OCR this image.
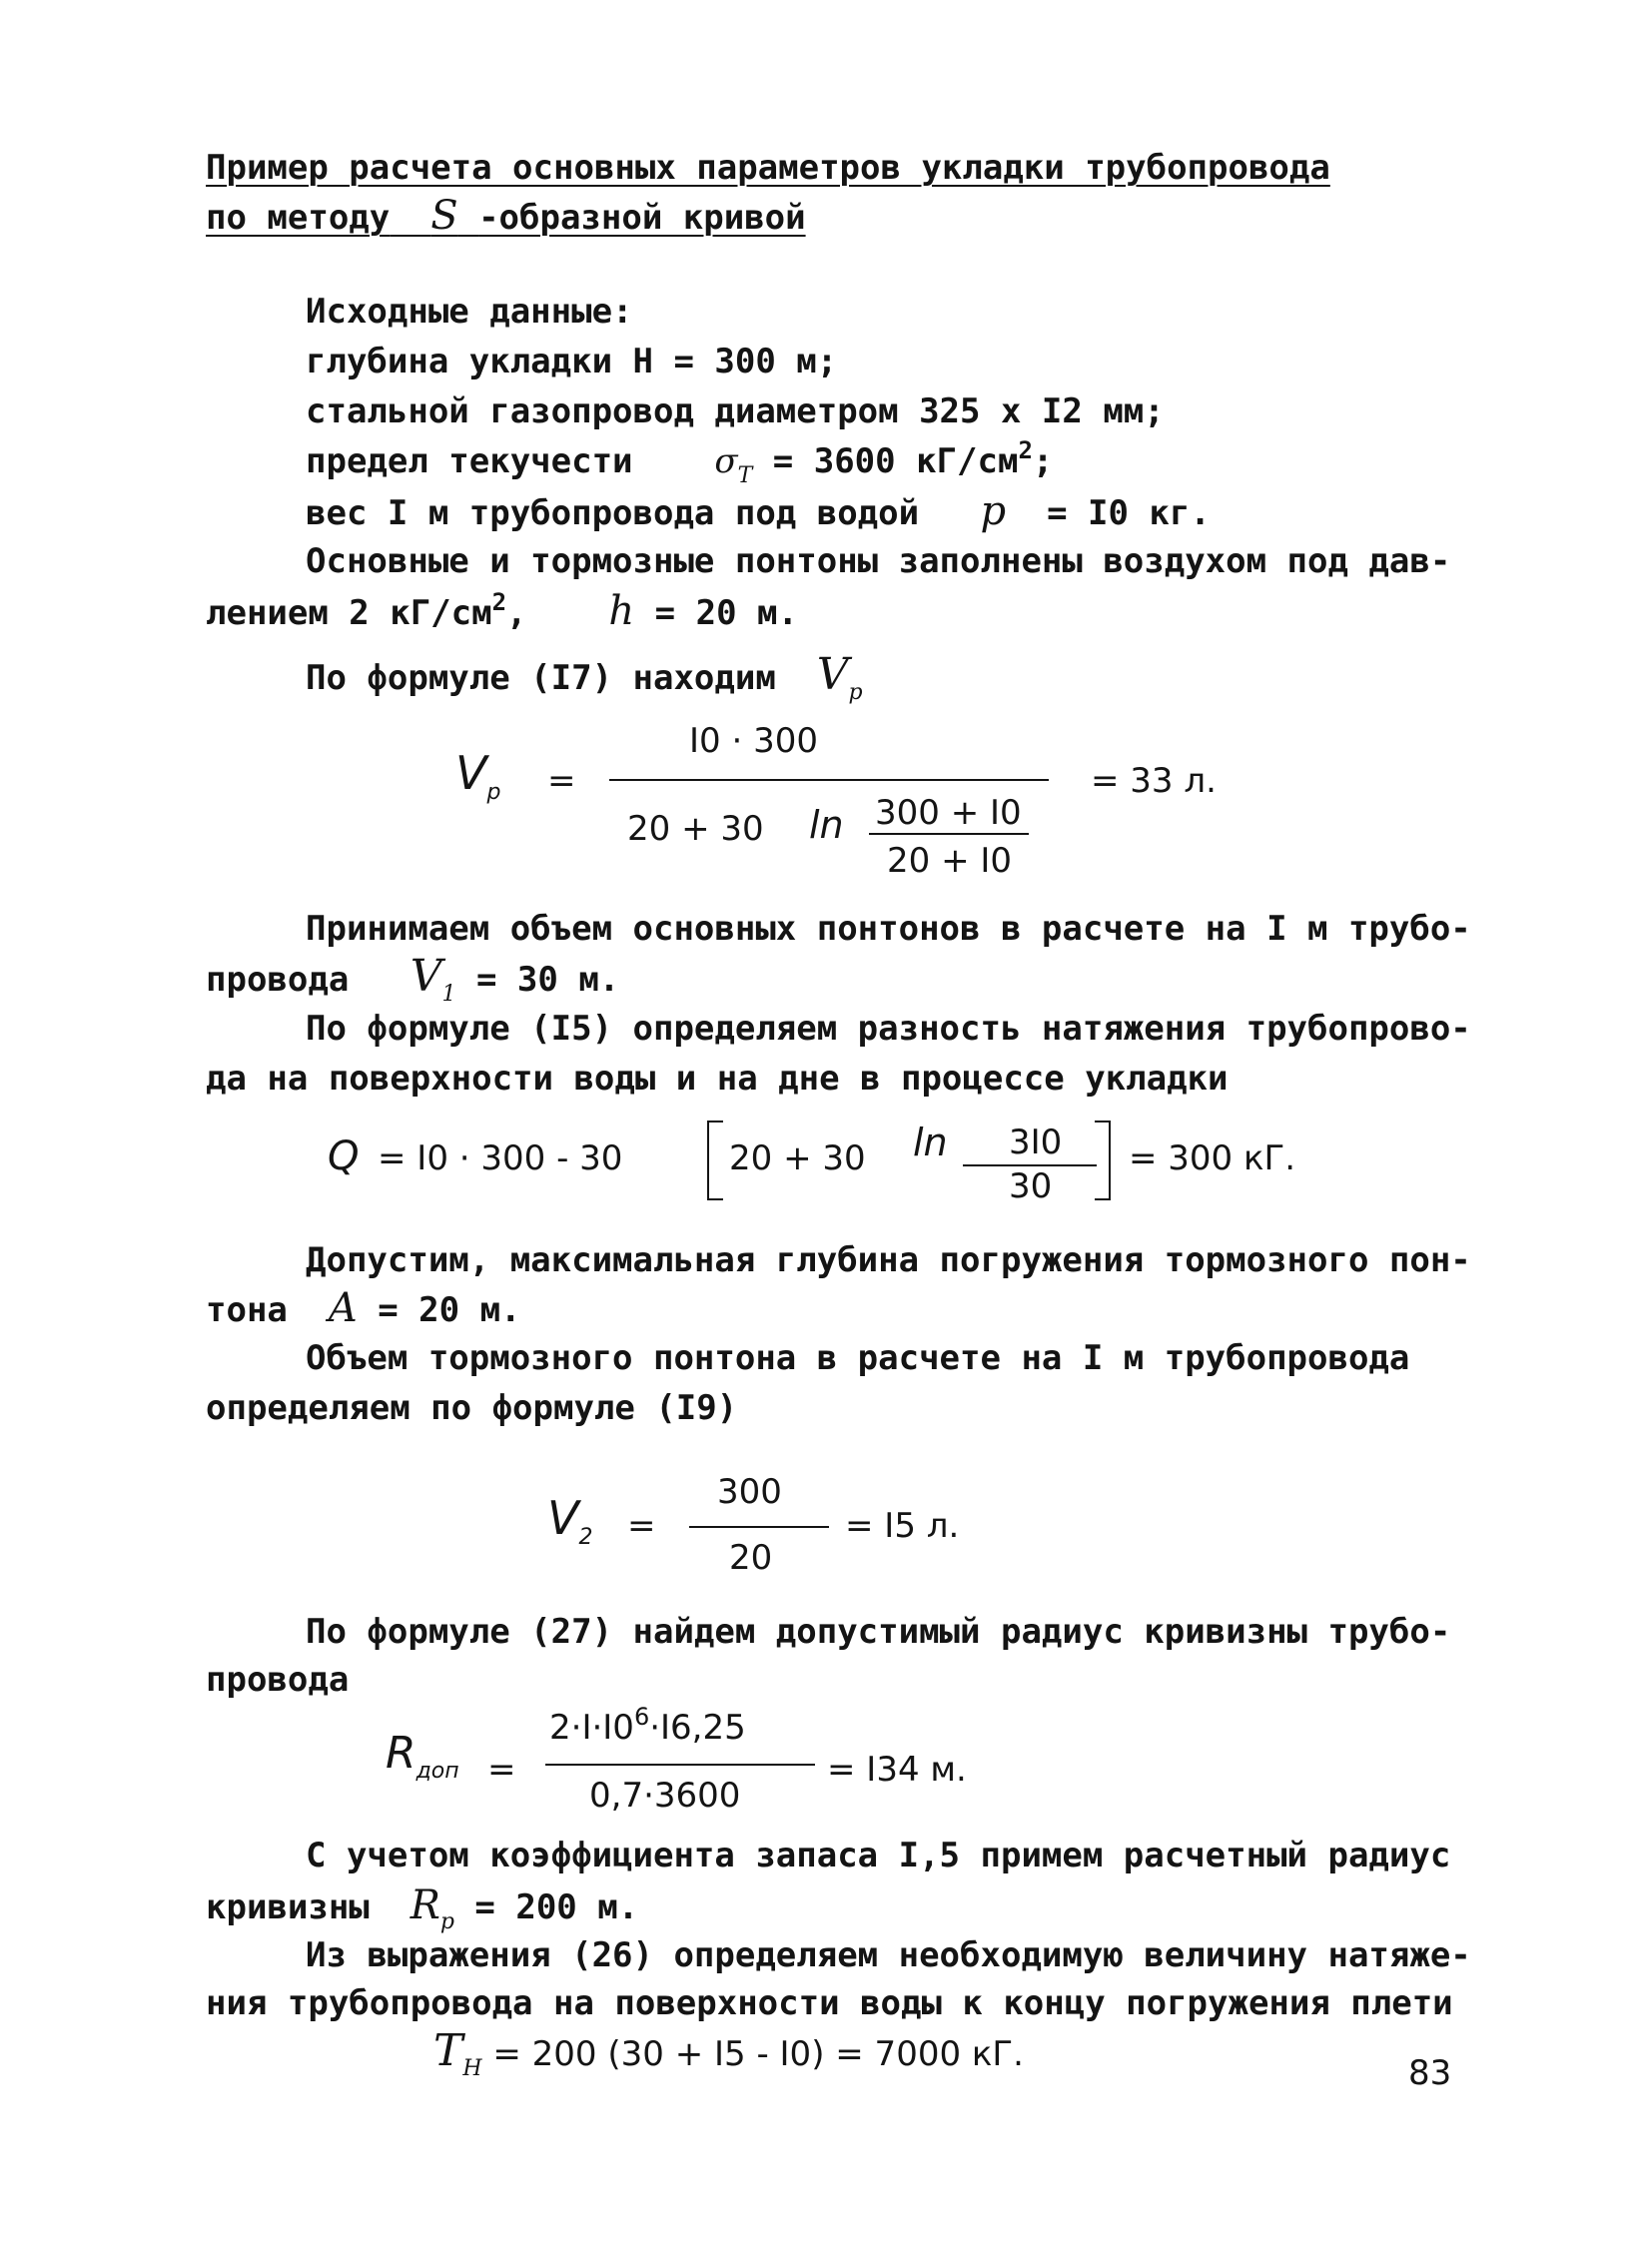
Пример расчета основных параметров укладки трубопровода
по методу S -образной кривой
Исходные данные:
глубина укладки Н = 300 м;
стальной газопровод диаметром 325 х I2 мм;
предел текучести $\sigma_T = 3600$ $кГ/см^2$;
вес I м трубопровода под водой p = I0 кг.
Основные и тормозные понтоны заполнены воздухом под дав-
лением 2 $кГ/см^2$, h = 20 м.
По формуле (I7) находим $V_p$
$V_p$ =
I0 · 300
20 + 30 ln 300 + I0
20 + I0
= 33 л.
Принимаем объем основных понтонов в расчете на I м трубо-
провода $V_1 = 30$ м.
По формуле (I5) определяем разность натяжения трубопрово-
да на поверхности воды и на дне в процессе укладки
Q = I0 · 300 - 30	20 + 30 ln 3I0
30
= 300 кГ.
Допустим, максимальная глубина погружения тормозного пон-
тона A = 20 м.
Объем тормозного понтона в расчете на I м трубопровода
определяем по формуле (I9)
$V_2$ =
300
20
= I5 л.
По формуле (27) найдем допустимый радиус кривизны трубо-
провода
$R_{доп}$ =
$2\cdot I\cdot I0^6\cdot I6,25$
0,7·3600
= I34 м.
С учетом коэффициента запаса I,5 примем расчетный радиус
кривизны $R_p = 200$ м.
Из выражения (26) определяем необходимую величину натяже-
ния трубопровода на поверхности воды к концу погружения плети
$T_H = 200$ (30 + I5 - I0) = 7000 кГ.	83
